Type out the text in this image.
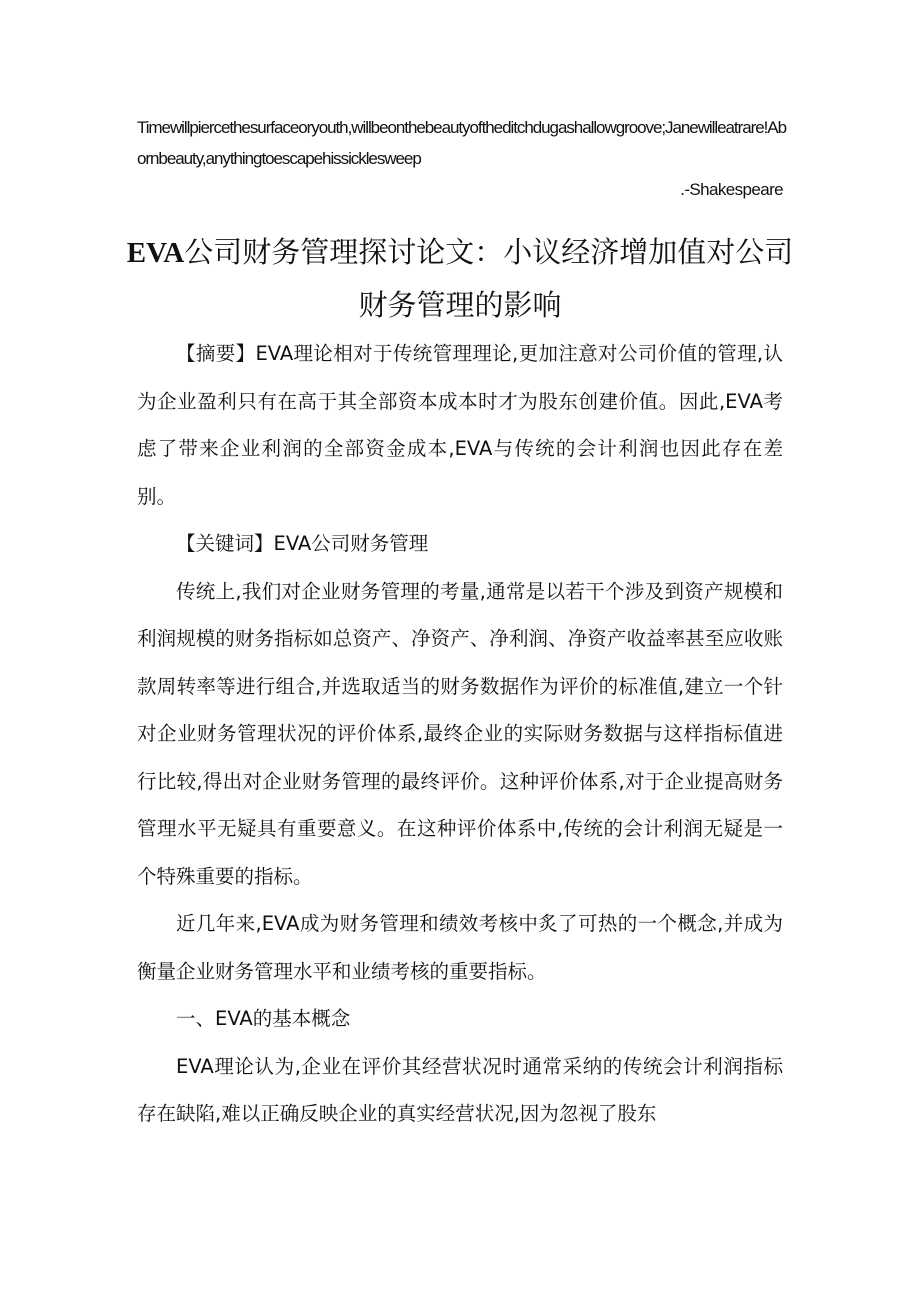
Timewillpiercethesurfaceoryouth,willbeonthebeautyoftheditchdugashallowgroove;Janewilleatrare!Abornbeauty,anythingtoescapehissicklesweep

.-Shakespeare

EVA公司财务管理探讨论文：小议经济增加值对公司
财务管理的影响

【摘要】EVA理论相对于传统管理理论,更加注意对公司价值的管理,认为企业盈利只有在高于其全部资本成本时才为股东创建价值。因此,EVA考虑了带来企业利润的全部资金成本,EVA与传统的会计利润也因此存在差别。

【关键词】EVA公司财务管理

传统上,我们对企业财务管理的考量,通常是以若干个涉及到资产规模和利润规模的财务指标如总资产、净资产、净利润、净资产收益率甚至应收账款周转率等进行组合,并选取适当的财务数据作为评价的标准值,建立一个针对企业财务管理状况的评价体系,最终企业的实际财务数据与这样指标值进行比较,得出对企业财务管理的最终评价。这种评价体系,对于企业提高财务管理水平无疑具有重要意义。在这种评价体系中,传统的会计利润无疑是一个特殊重要的指标。

近几年来,EVA成为财务管理和绩效考核中炙了可热的一个概念,并成为衡量企业财务管理水平和业绩考核的重要指标。

一、EVA的基本概念

EVA理论认为,企业在评价其经营状况时通常采纳的传统会计利润指标存在缺陷,难以正确反映企业的真实经营状况,因为忽视了股东
